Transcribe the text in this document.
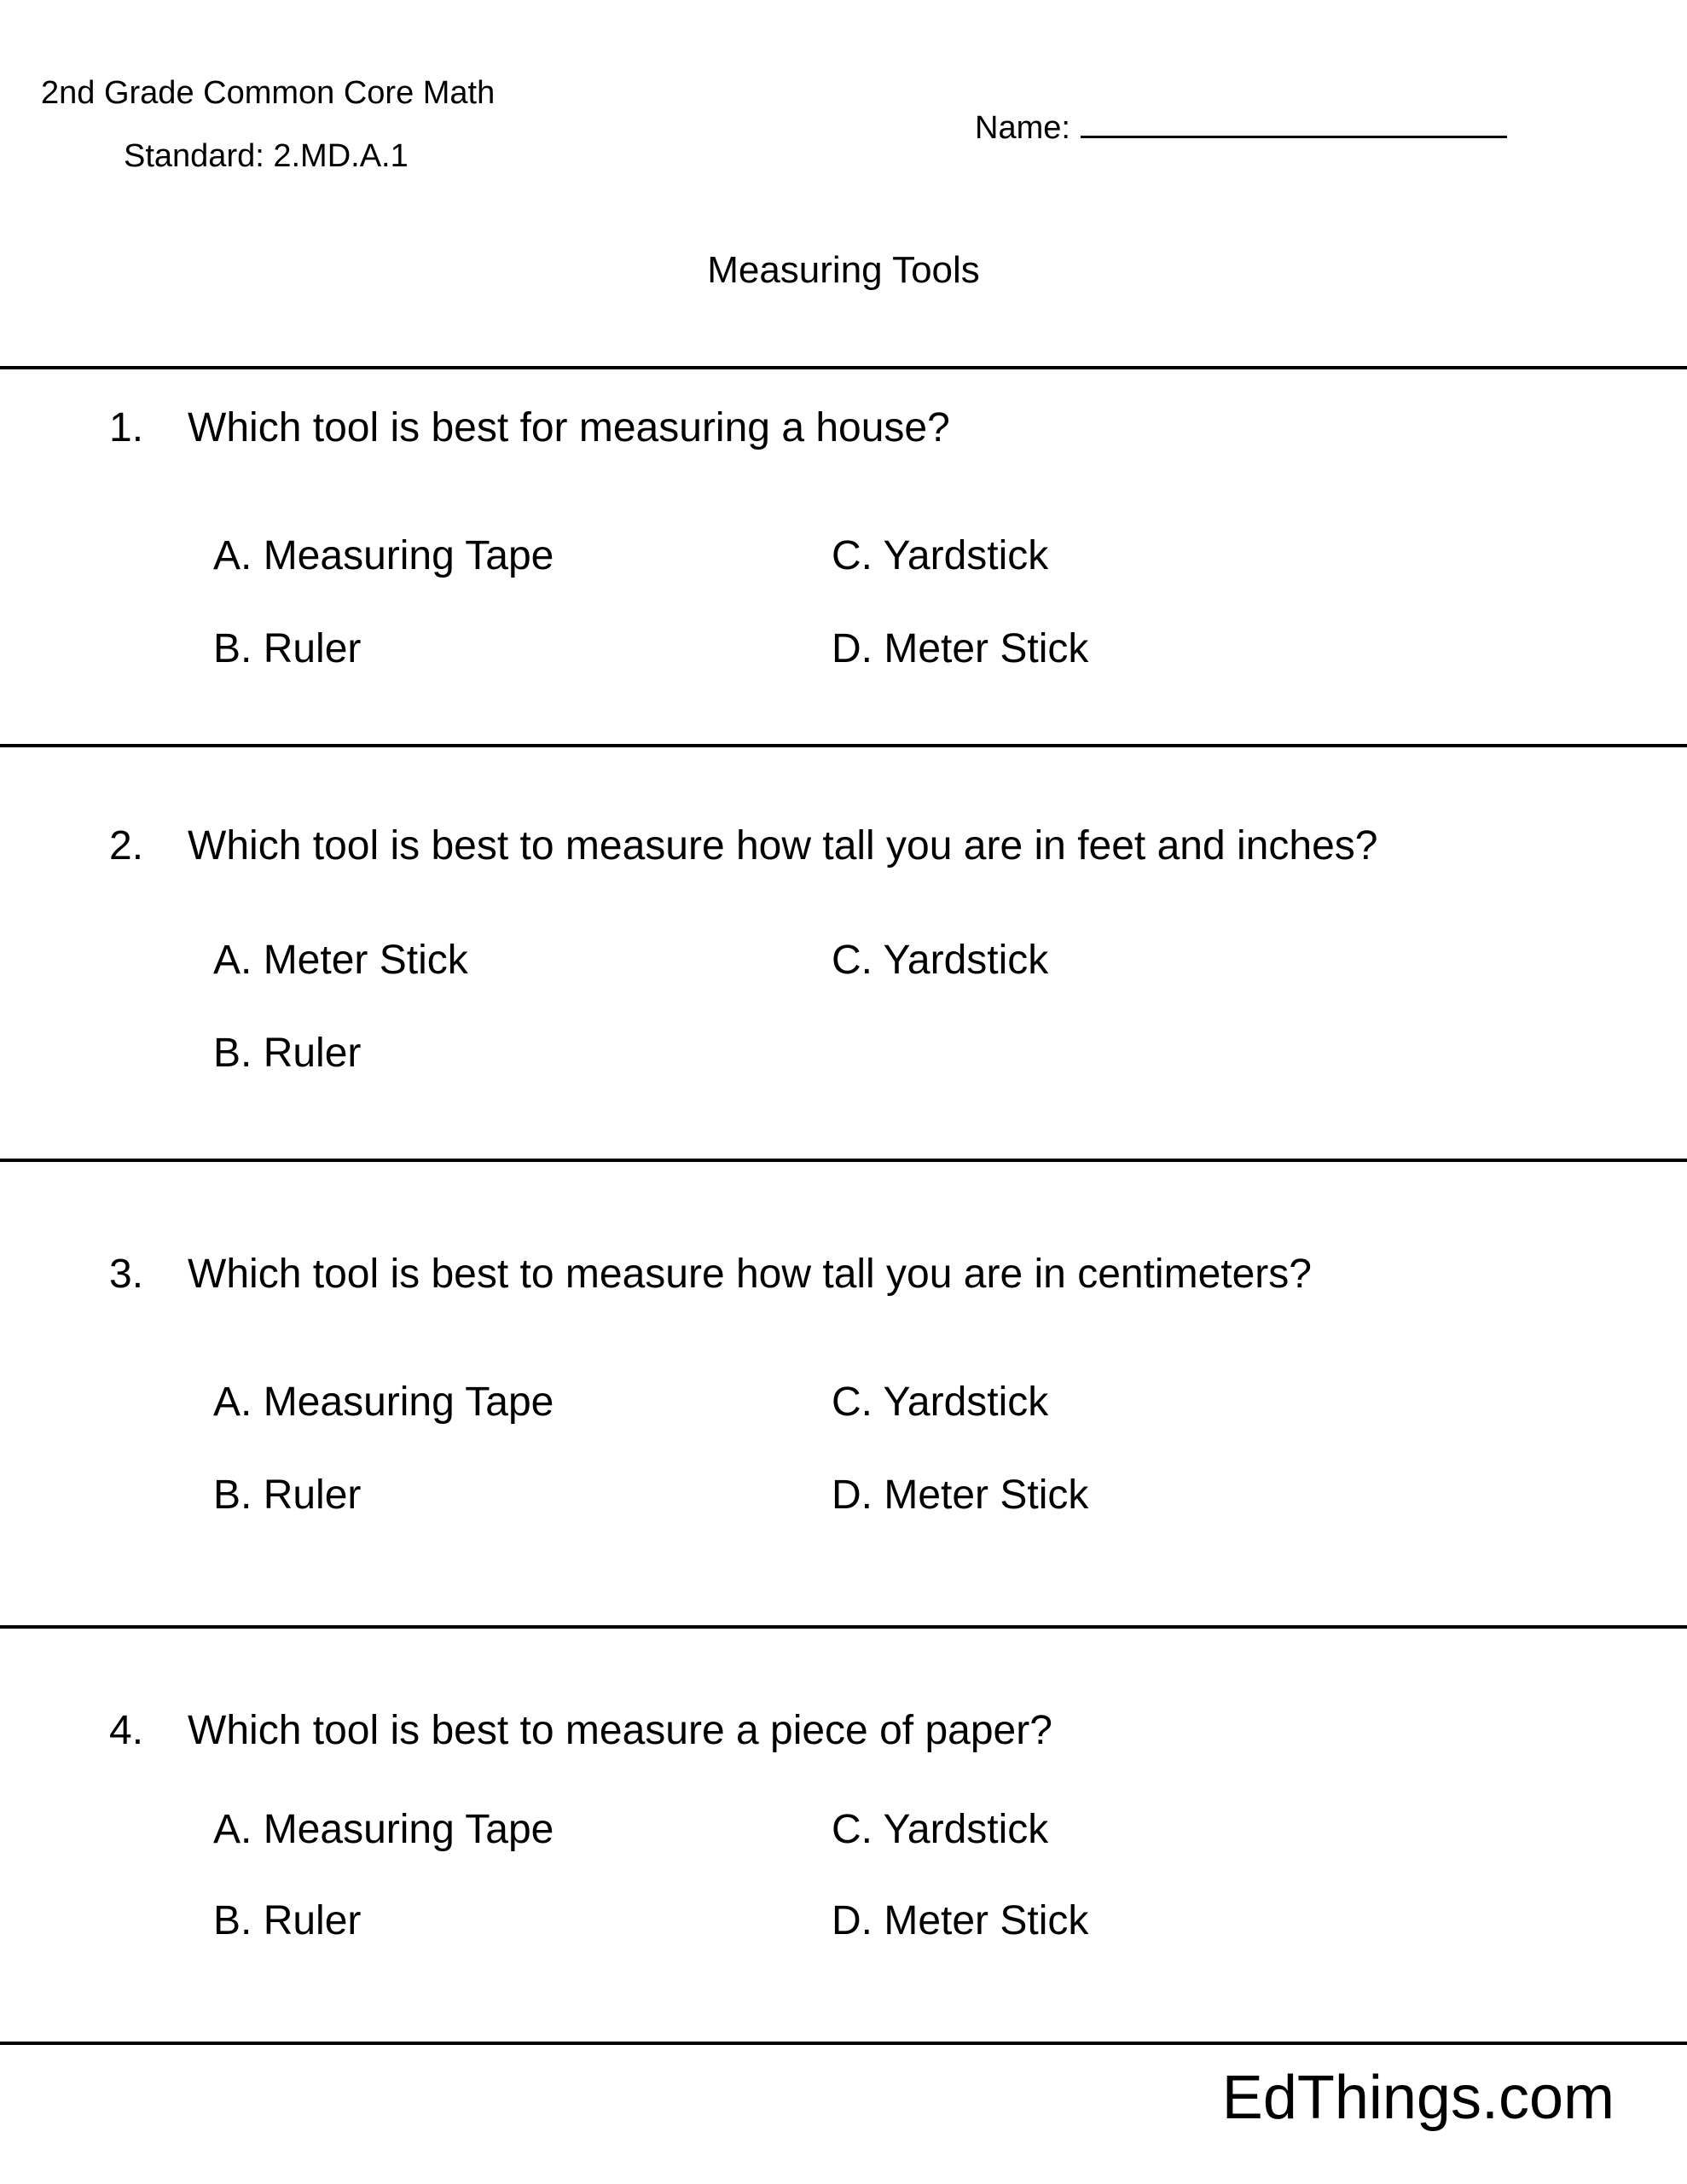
2nd Grade Common Core Math
Standard: 2.MD.A.1
Name:
Measuring Tools
1. Which tool is best for measuring a house?
A. Measuring Tape	C. Yardstick
B. Ruler	D. Meter Stick
2. Which tool is best to measure how tall you are in feet and inches?
A. Meter Stick	C. Yardstick
B. Ruler
3. Which tool is best to measure how tall you are in centimeters?
A. Measuring Tape	C. Yardstick
B. Ruler	D. Meter Stick
4. Which tool is best to measure a piece of paper?
A. Measuring Tape	C. Yardstick
B. Ruler	D. Meter Stick
EdThings.com
